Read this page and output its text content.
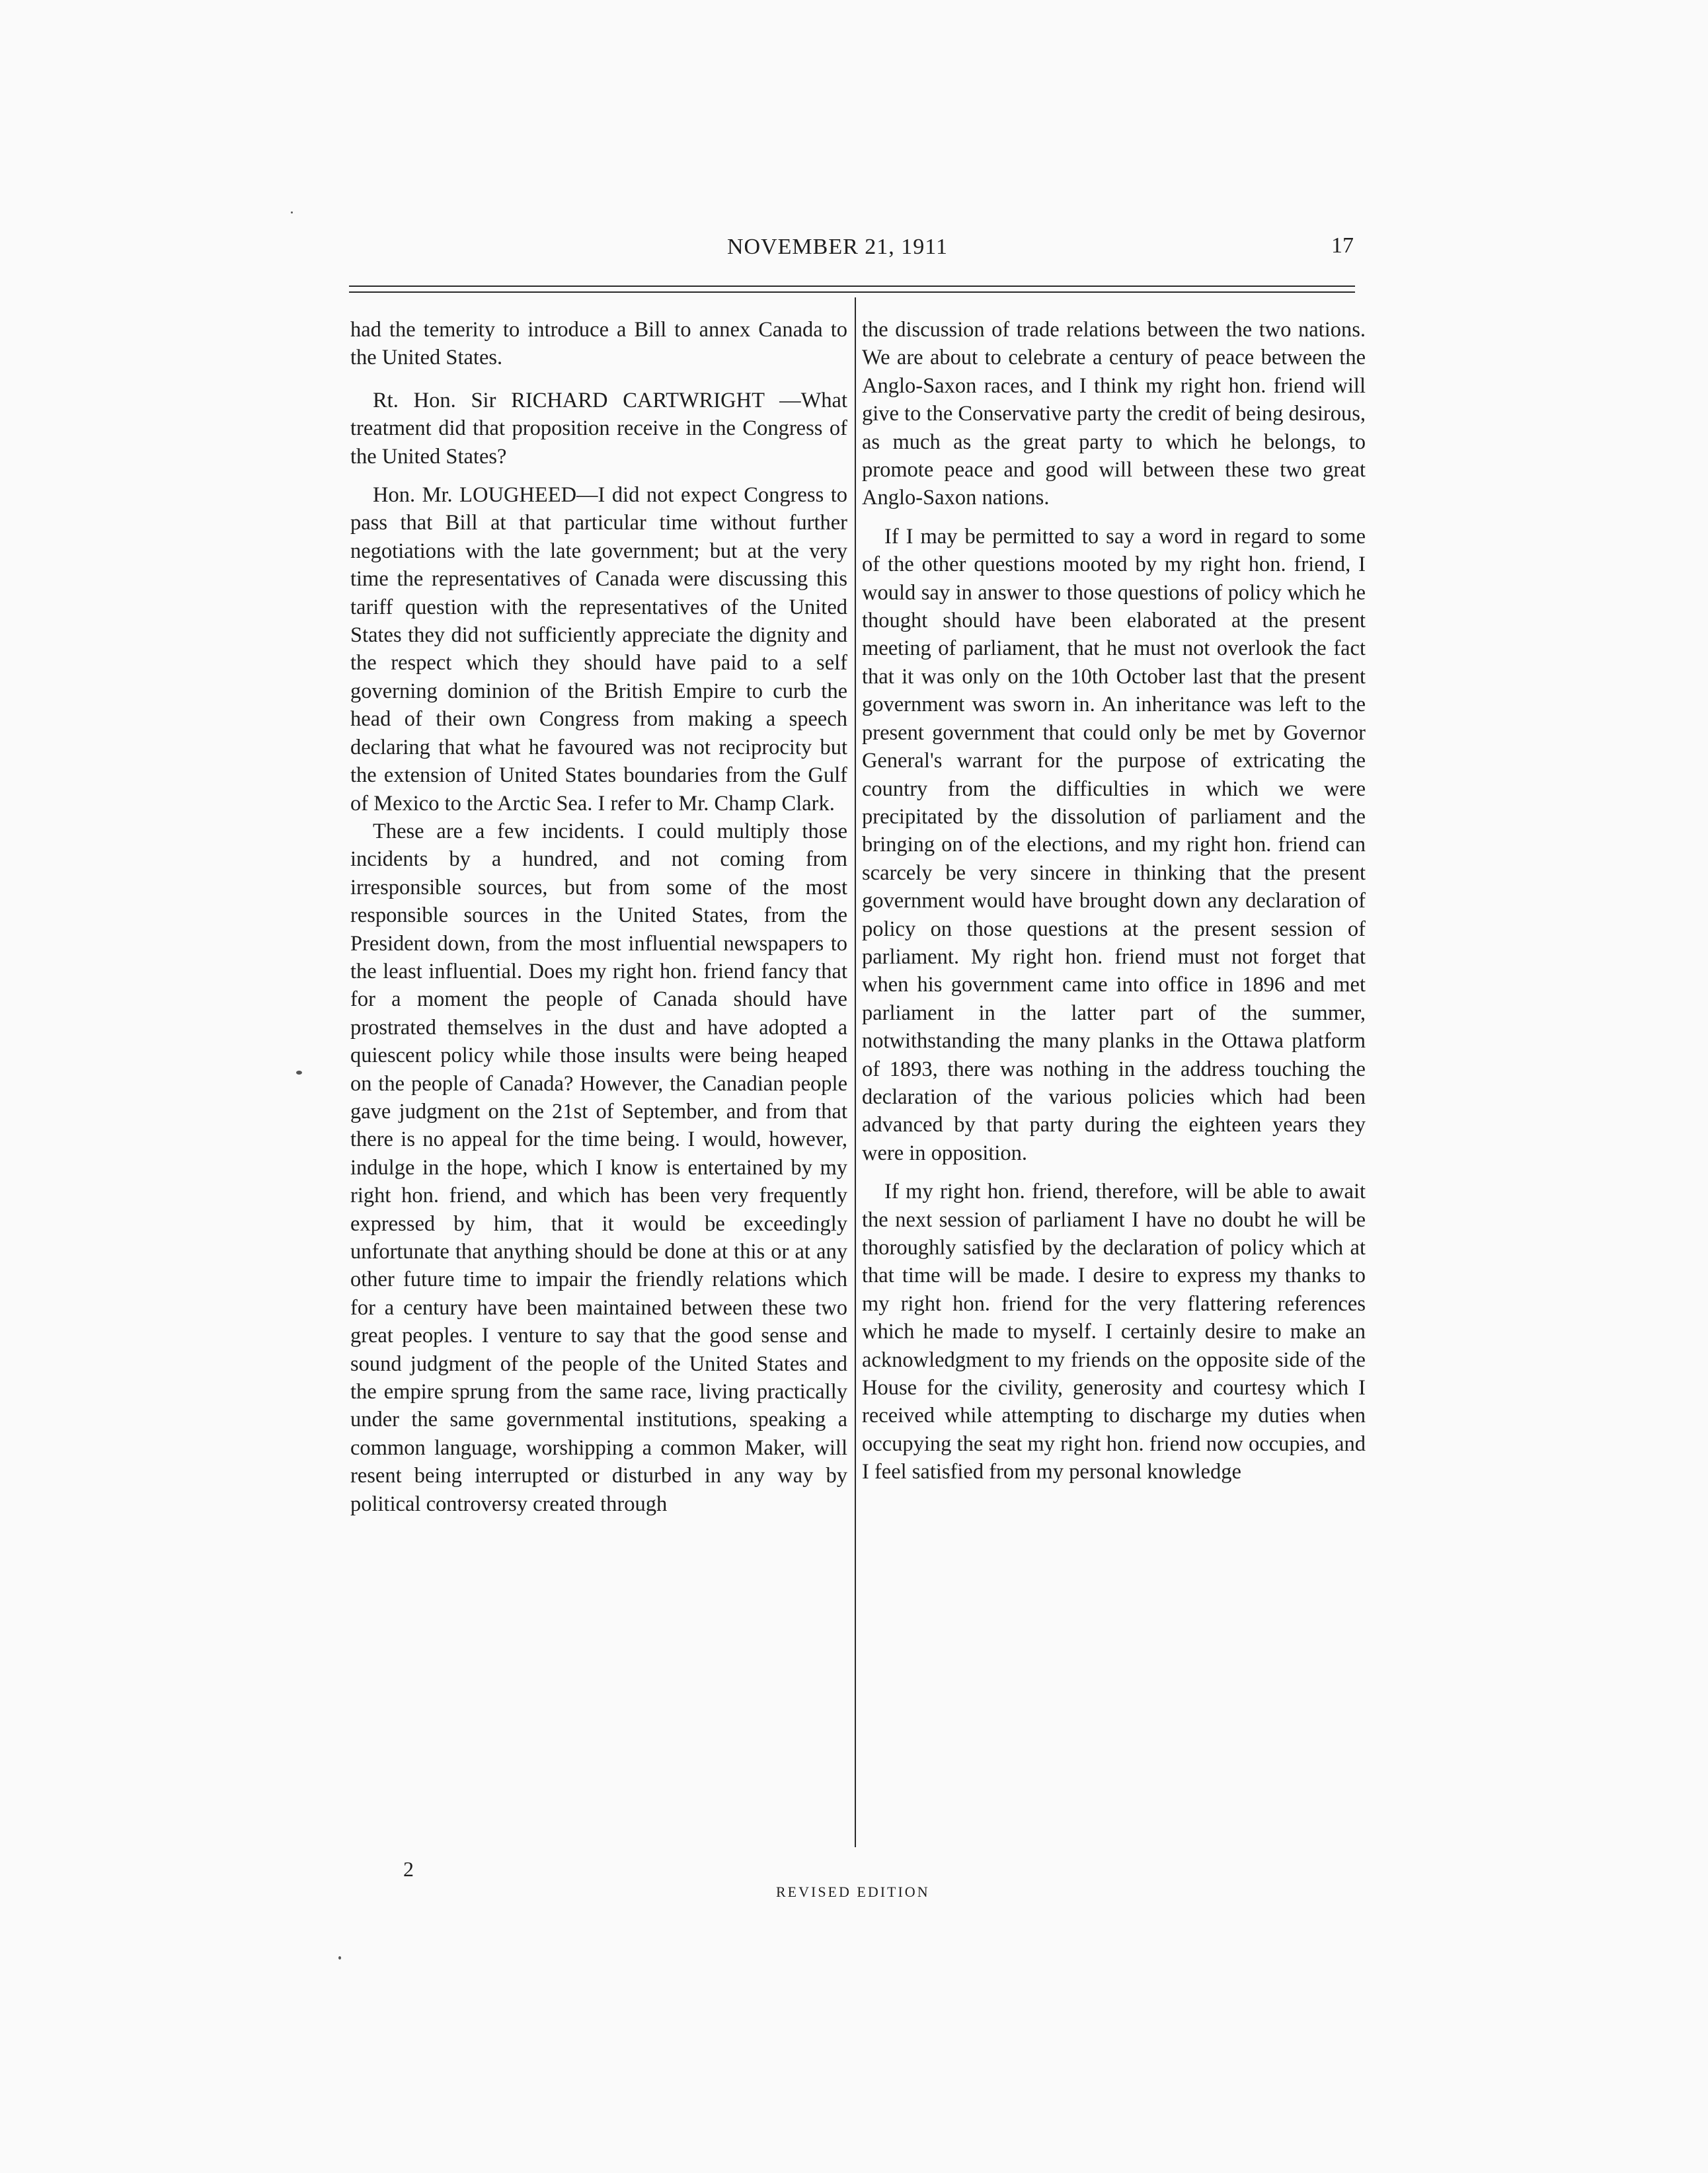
NOVEMBER 21, 1911	17

had the temerity to introduce a Bill to annex Canada to the United States.

Rt. Hon. Sir RICHARD CARTWRIGHT —What treatment did that proposition receive in the Congress of the United States?

Hon. Mr. LOUGHEED—I did not expect Congress to pass that Bill at that particular time without further negotiations with the late government; but at the very time the representatives of Canada were discussing this tariff question with the representatives of the United States they did not sufficiently appreciate the dignity and the respect which they should have paid to a self governing dominion of the British Empire to curb the head of their own Congress from making a speech declaring that what he favoured was not reciprocity but the extension of United States boundaries from the Gulf of Mexico to the Arctic Sea. I refer to Mr. Champ Clark.

These are a few incidents. I could multiply those incidents by a hundred, and not coming from irresponsible sources, but from some of the most responsible sources in the United States, from the President down, from the most influential newspapers to the least influential. Does my right hon. friend fancy that for a moment the people of Canada should have prostrated themselves in the dust and have adopted a quiescent policy while those insults were being heaped on the people of Canada? However, the Canadian people gave judgment on the 21st of September, and from that there is no appeal for the time being. I would, however, indulge in the hope, which I know is entertained by my right hon. friend, and which has been very frequently expressed by him, that it would be exceedingly unfortunate that anything should be done at this or at any other future time to impair the friendly relations which for a century have been maintained between these two great peoples. I venture to say that the good sense and sound judgment of the people of the United States and the empire sprung from the same race, living practically under the same governmental institutions, speaking a common language, worshipping a common Maker, will resent being interrupted or disturbed in any way by political controversy created through

the discussion of trade relations between the two nations. We are about to celebrate a century of peace between the Anglo-Saxon races, and I think my right hon. friend will give to the Conservative party the credit of being desirous, as much as the great party to which he belongs, to promote peace and good will between these two great Anglo-Saxon nations.

If I may be permitted to say a word in regard to some of the other questions mooted by my right hon. friend, I would say in answer to those questions of policy which he thought should have been elaborated at the present meeting of parliament, that he must not overlook the fact that it was only on the 10th October last that the present government was sworn in. An inheritance was left to the present government that could only be met by Governor General's warrant for the purpose of extricating the country from the difficulties in which we were precipitated by the dissolution of parliament and the bringing on of the elections, and my right hon. friend can scarcely be very sincere in thinking that the present government would have brought down any declaration of policy on those questions at the present session of parliament. My right hon. friend must not forget that when his government came into office in 1896 and met parliament in the latter part of the summer, notwithstanding the many planks in the Ottawa platform of 1893, there was nothing in the address touching the declaration of the various policies which had been advanced by that party during the eighteen years they were in opposition.

If my right hon. friend, therefore, will be able to await the next session of parliament I have no doubt he will be thoroughly satisfied by the declaration of policy which at that time will be made. I desire to express my thanks to my right hon. friend for the very flattering references which he made to myself. I certainly desire to make an acknowledgment to my friends on the opposite side of the House for the civility, generosity and courtesy which I received while attempting to discharge my duties when occupying the seat my right hon. friend now occupies, and I feel satisfied from my personal knowledge

2
REVISED EDITION
